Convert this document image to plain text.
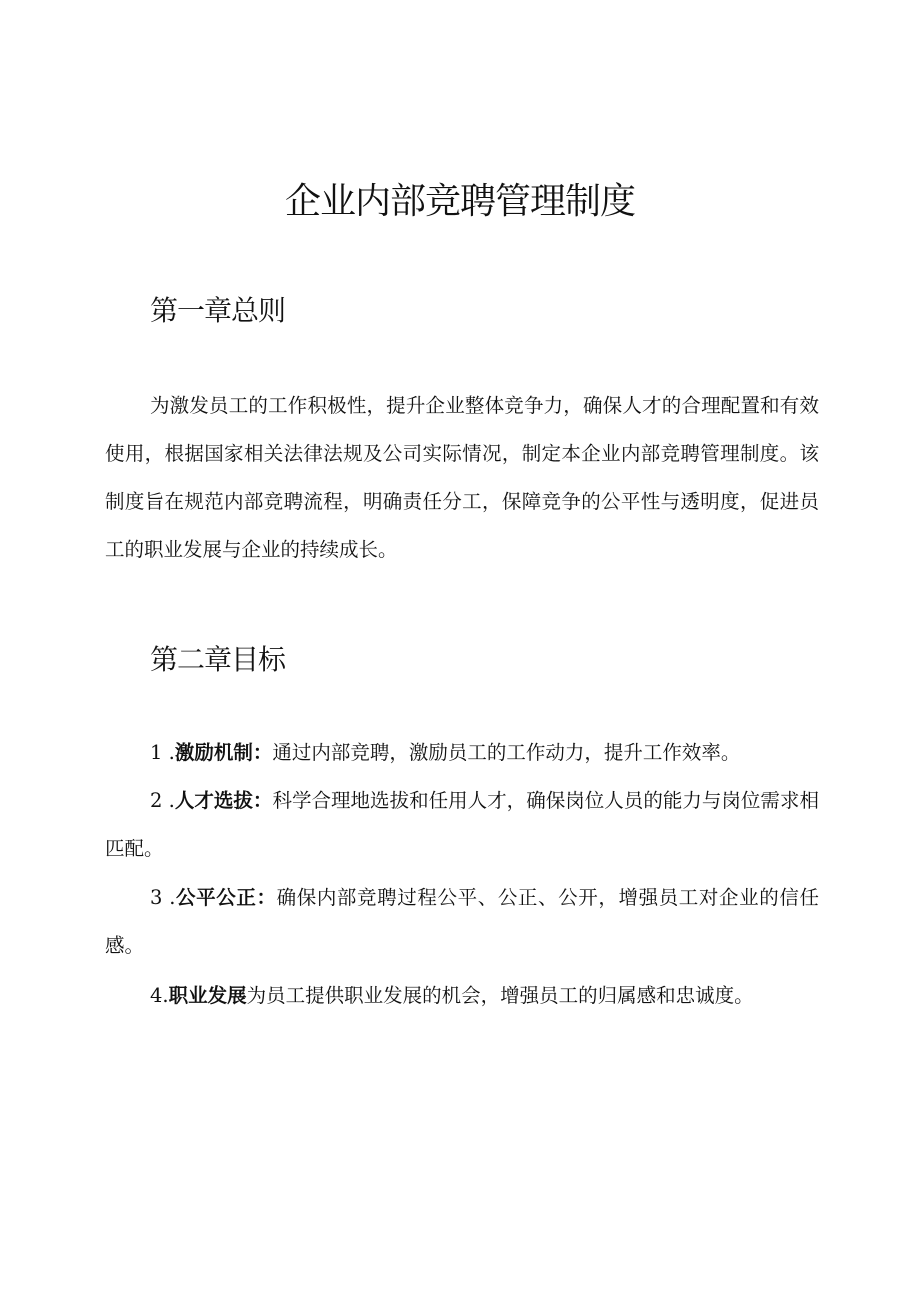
企业内部竞聘管理制度
第一章总则

为激发员工的工作积极性，提升企业整体竞争力，确保人才的合理配置和有效使用，根据国家相关法律法规及公司实际情况，制定本企业内部竞聘管理制度。该制度旨在规范内部竞聘流程，明确责任分工，保障竞争的公平性与透明度，促进员工的职业发展与企业的持续成长。

第二章目标

1 .激励机制：通过内部竞聘，激励员工的工作动力，提升工作效率。

2 .人才选拔：科学合理地选拔和任用人才，确保岗位人员的能力与岗位需求相匹配。

3 .公平公正：确保内部竞聘过程公平、公正、公开，增强员工对企业的信任感。

4.职业发展为员工提供职业发展的机会，增强员工的归属感和忠诚度。
